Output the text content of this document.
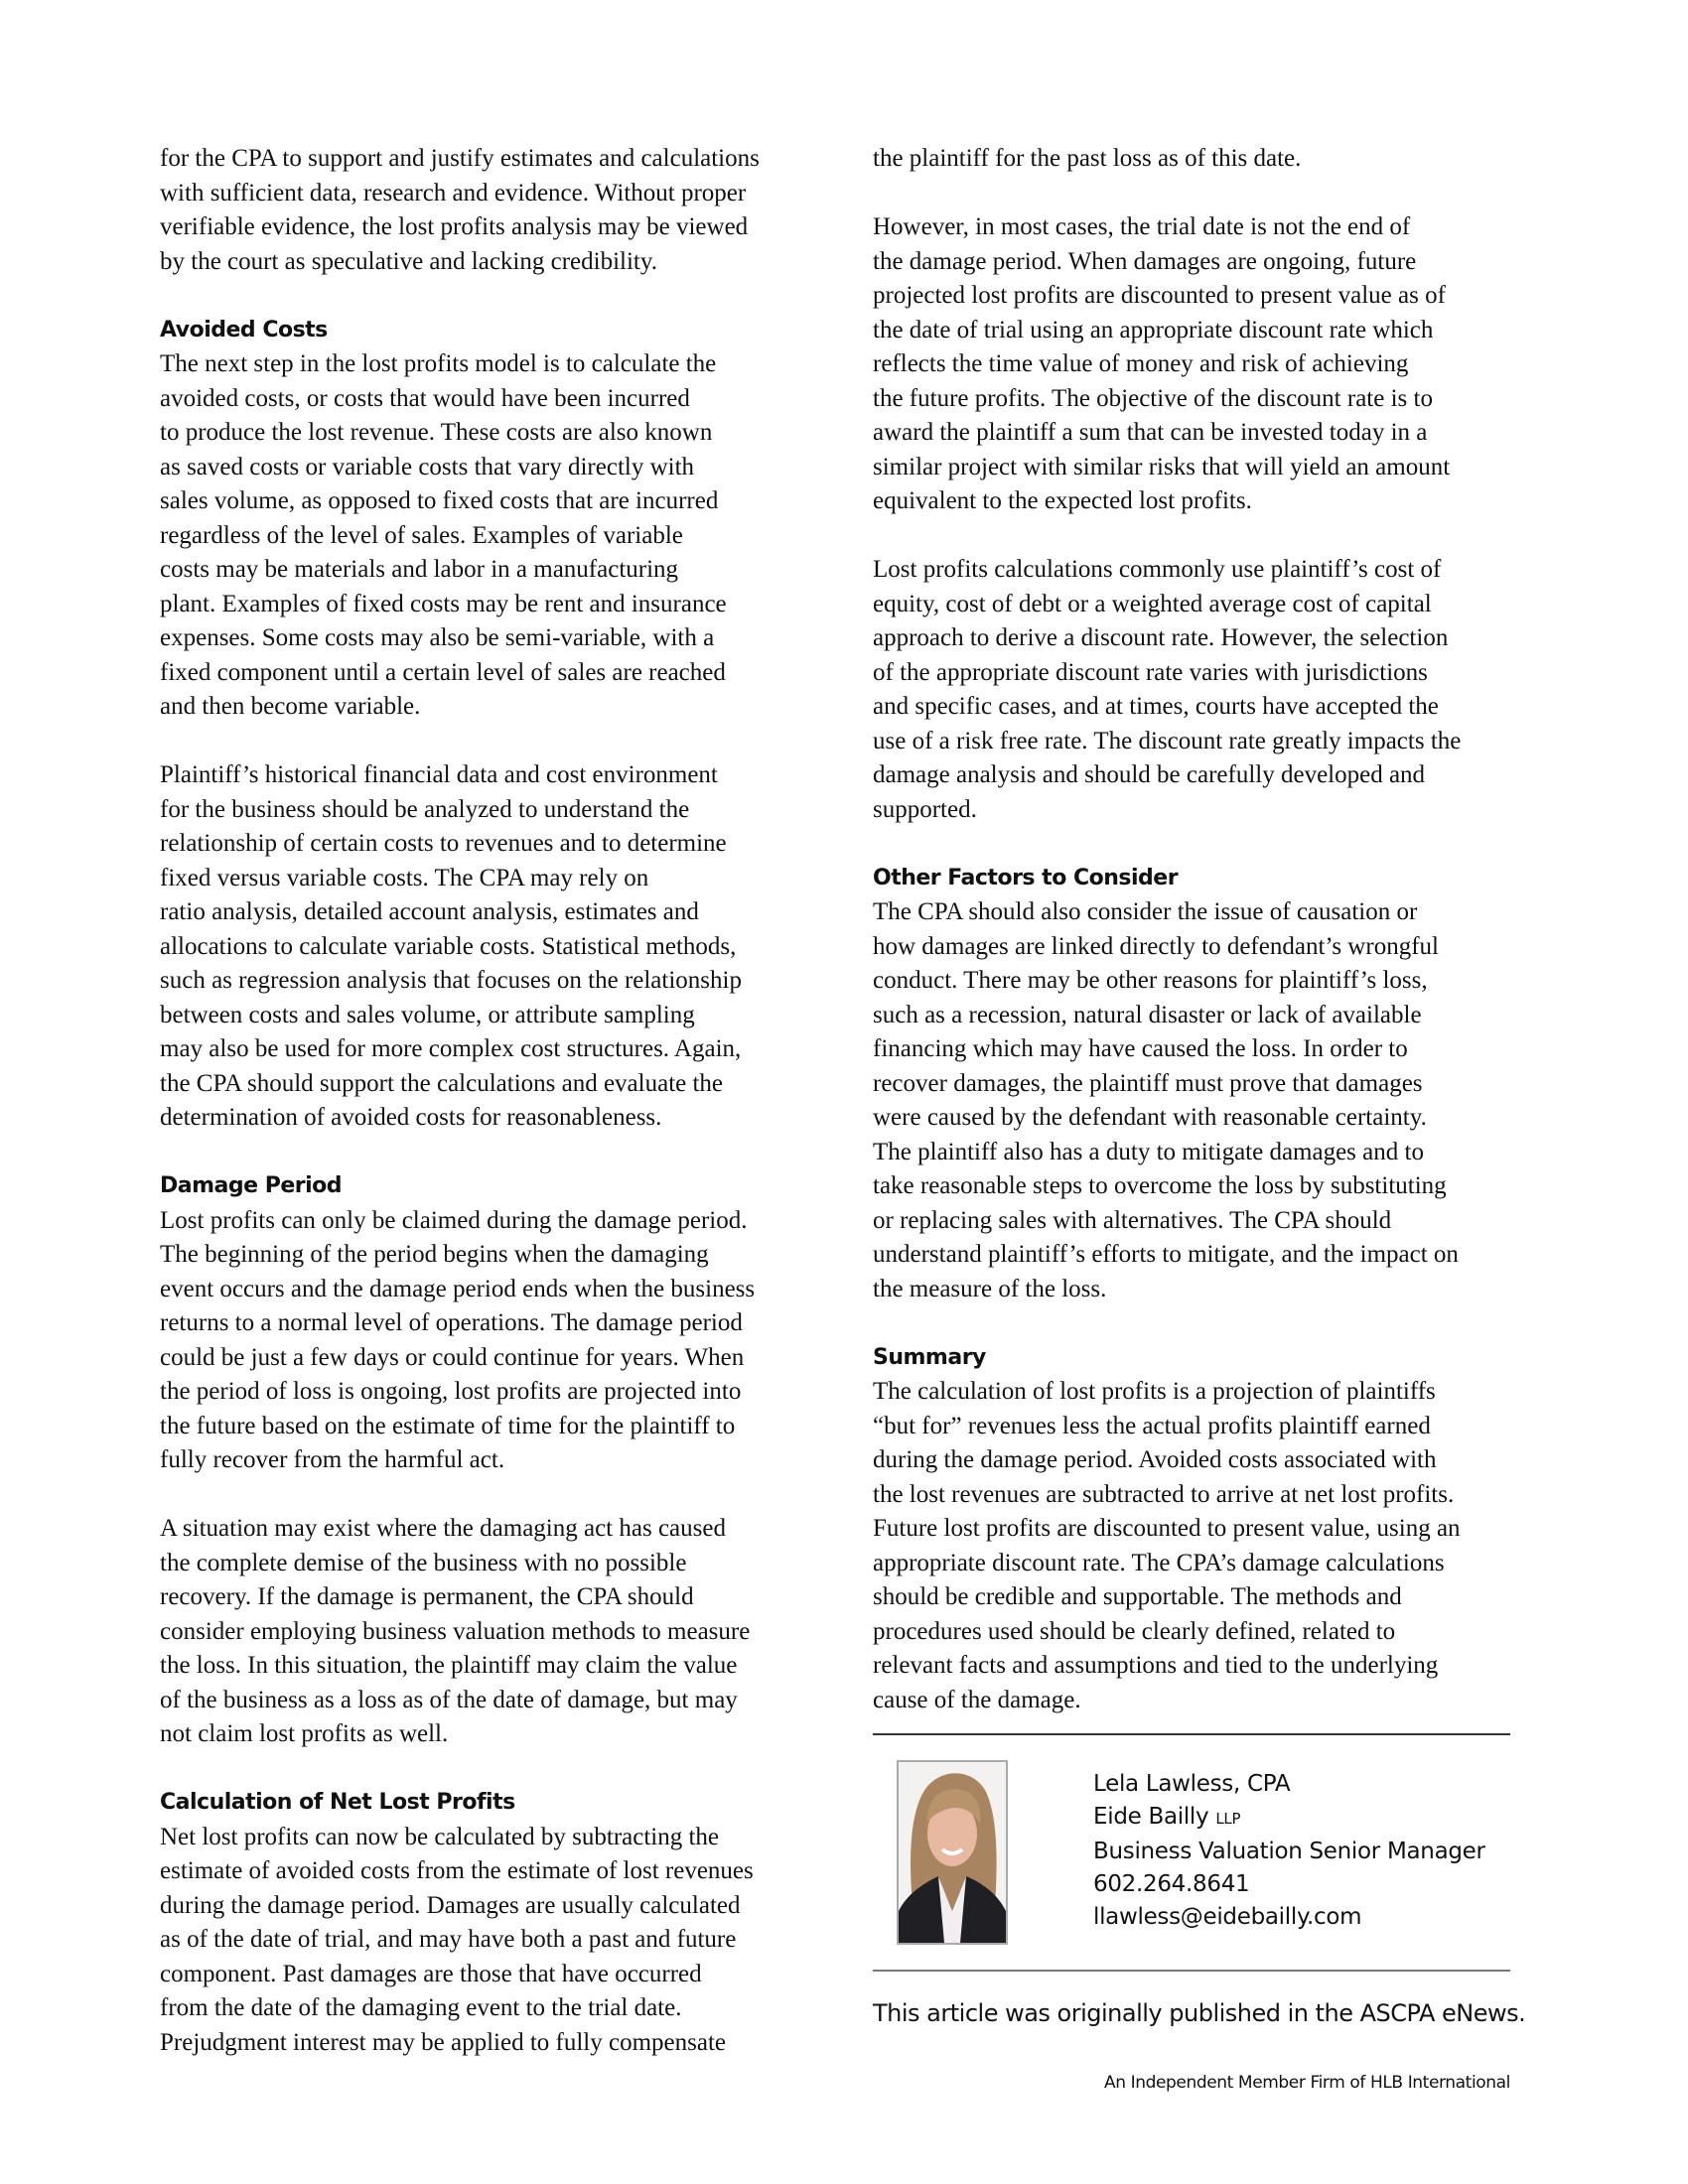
for the CPA to support and justify estimates and calculations
with sufficient data, research and evidence. Without proper
verifiable evidence, the lost profits analysis may be viewed
by the court as speculative and lacking credibility.

Avoided Costs

The next step in the lost profits model is to calculate the
avoided costs, or costs that would have been incurred
to produce the lost revenue. These costs are also known
as saved costs or variable costs that vary directly with
sales volume, as opposed to fixed costs that are incurred
regardless of the level of sales. Examples of variable
costs may be materials and labor in a manufacturing
plant. Examples of fixed costs may be rent and insurance
expenses. Some costs may also be semi-variable, with a
fixed component until a certain level of sales are reached
and then become variable.

Plaintiff’s historical financial data and cost environment
for the business should be analyzed to understand the
relationship of certain costs to revenues and to determine
fixed versus variable costs. The CPA may rely on
ratio analysis, detailed account analysis, estimates and
allocations to calculate variable costs. Statistical methods,
such as regression analysis that focuses on the relationship
between costs and sales volume, or attribute sampling
may also be used for more complex cost structures. Again,
the CPA should support the calculations and evaluate the
determination of avoided costs for reasonableness.

Damage Period

Lost profits can only be claimed during the damage period.
The beginning of the period begins when the damaging
event occurs and the damage period ends when the business
returns to a normal level of operations. The damage period
could be just a few days or could continue for years. When
the period of loss is ongoing, lost profits are projected into
the future based on the estimate of time for the plaintiff to
fully recover from the harmful act.

A situation may exist where the damaging act has caused
the complete demise of the business with no possible
recovery. If the damage is permanent, the CPA should
consider employing business valuation methods to measure
the loss. In this situation, the plaintiff may claim the value
of the business as a loss as of the date of damage, but may
not claim lost profits as well.

Calculation of Net Lost Profits

Net lost profits can now be calculated by subtracting the
estimate of avoided costs from the estimate of lost revenues
during the damage period. Damages are usually calculated
as of the date of trial, and may have both a past and future
component. Past damages are those that have occurred
from the date of the damaging event to the trial date.
Prejudgment interest may be applied to fully compensate

the plaintiff for the past loss as of this date.

However, in most cases, the trial date is not the end of
the damage period. When damages are ongoing, future
projected lost profits are discounted to present value as of
the date of trial using an appropriate discount rate which
reflects the time value of money and risk of achieving
the future profits. The objective of the discount rate is to
award the plaintiff a sum that can be invested today in a
similar project with similar risks that will yield an amount
equivalent to the expected lost profits.

Lost profits calculations commonly use plaintiff’s cost of
equity, cost of debt or a weighted average cost of capital
approach to derive a discount rate. However, the selection
of the appropriate discount rate varies with jurisdictions
and specific cases, and at times, courts have accepted the
use of a risk free rate. The discount rate greatly impacts the
damage analysis and should be carefully developed and
supported.

Other Factors to Consider

The CPA should also consider the issue of causation or
how damages are linked directly to defendant’s wrongful
conduct. There may be other reasons for plaintiff’s loss,
such as a recession, natural disaster or lack of available
financing which may have caused the loss. In order to
recover damages, the plaintiff must prove that damages
were caused by the defendant with reasonable certainty.
The plaintiff also has a duty to mitigate damages and to
take reasonable steps to overcome the loss by substituting
or replacing sales with alternatives. The CPA should
understand plaintiff’s efforts to mitigate, and the impact on
the measure of the loss.

Summary

The calculation of lost profits is a projection of plaintiffs
“but for” revenues less the actual profits plaintiff earned
during the damage period. Avoided costs associated with
the lost revenues are subtracted to arrive at net lost profits.
Future lost profits are discounted to present value, using an
appropriate discount rate. The CPA’s damage calculations
should be credible and supportable. The methods and
procedures used should be clearly defined, related to
relevant facts and assumptions and tied to the underlying
cause of the damage.

Lela Lawless, CPA
Eide Bailly LLP
Business Valuation Senior Manager
602.264.8641
llawless@eidebailly.com
This article was originally published in the ASCPA eNews.
An Independent Member Firm of HLB International
